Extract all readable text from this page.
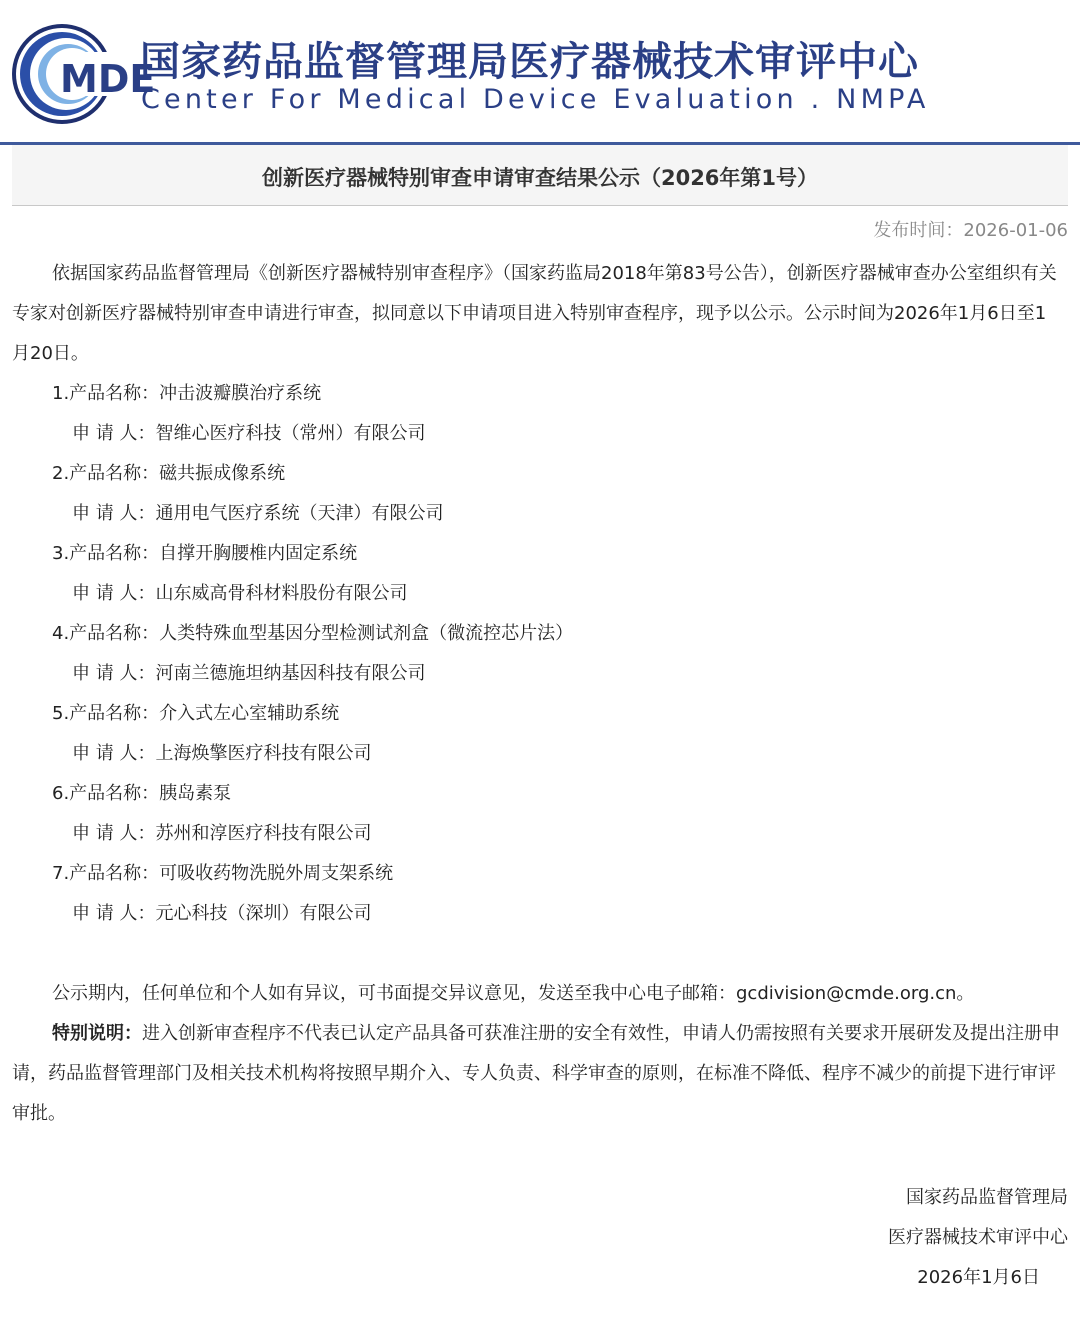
MDE
国家药品监督管理局医疗器械技术审评中心
Center For Medical Device Evaluation . NMPA
创新医疗器械特别审查申请审查结果公示（2026年第1号）
发布时间：2026-01-06

依据国家药品监督管理局《创新医疗器械特别审查程序》（国家药监局2018年第83号公告），创新医疗器械审查办公室组织有关专家对创新医疗器械特别审查申请进行审查，拟同意以下申请项目进入特别审查程序，现予以公示。公示时间为2026年1月6日至1月20日。

1.产品名称：冲击波瓣膜治疗系统

申 请 人：智维心医疗科技（常州）有限公司

2.产品名称：磁共振成像系统

申 请 人：通用电气医疗系统（天津）有限公司

3.产品名称：自撑开胸腰椎内固定系统

申 请 人：山东威高骨科材料股份有限公司

4.产品名称：人类特殊血型基因分型检测试剂盒（微流控芯片法）

申 请 人：河南兰德施坦纳基因科技有限公司

5.产品名称：介入式左心室辅助系统

申 请 人：上海焕擎医疗科技有限公司

6.产品名称：胰岛素泵

申 请 人：苏州和淳医疗科技有限公司

7.产品名称：可吸收药物洗脱外周支架系统

申 请 人：元心科技（深圳）有限公司

公示期内，任何单位和个人如有异议，可书面提交异议意见，发送至我中心电子邮箱：gcdivision@cmde.org.cn。

特别说明：进入创新审查程序不代表已认定产品具备可获准注册的安全有效性，申请人仍需按照有关要求开展研发及提出注册申请，药品监督管理部门及相关技术机构将按照早期介入、专人负责、科学审查的原则，在标准不降低、程序不减少的前提下进行审评审批。

国家药品监督管理局
医疗器械技术审评中心
2026年1月6日
